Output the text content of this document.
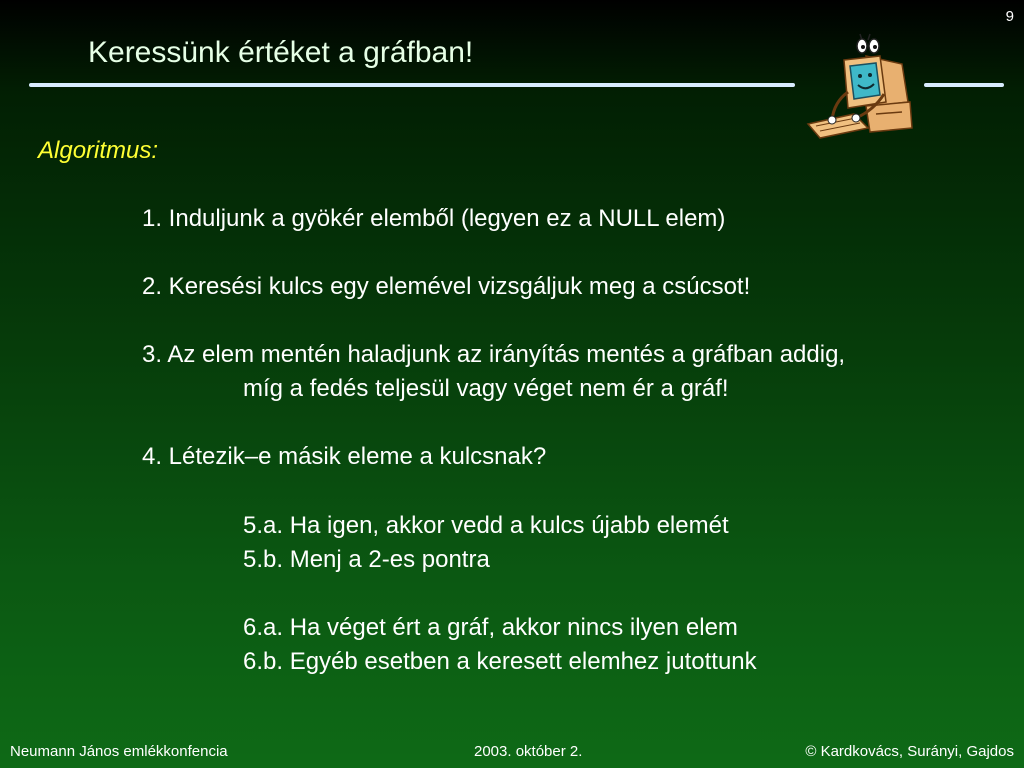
9
Keressünk értéket a gráfban!
Algoritmus:
1. Induljunk a gyökér elemből (legyen ez a NULL elem)
2. Keresési kulcs egy elemével vizsgáljuk meg a csúcsot!
3. Az elem mentén haladjunk az irányítás mentés a gráfban addig,
míg a fedés teljesül vagy véget nem ér a gráf!
4. Létezik–e másik eleme a kulcsnak?
5.a. Ha igen, akkor vedd a kulcs újabb elemét
5.b. Menj a 2-es pontra
6.a. Ha véget ért a gráf, akkor nincs ilyen elem
6.b. Egyéb esetben a keresett elemhez jutottunk
Neumann János emlékkonfencia	2003. október 2.	© Kardkovács, Surányi, Gajdos
